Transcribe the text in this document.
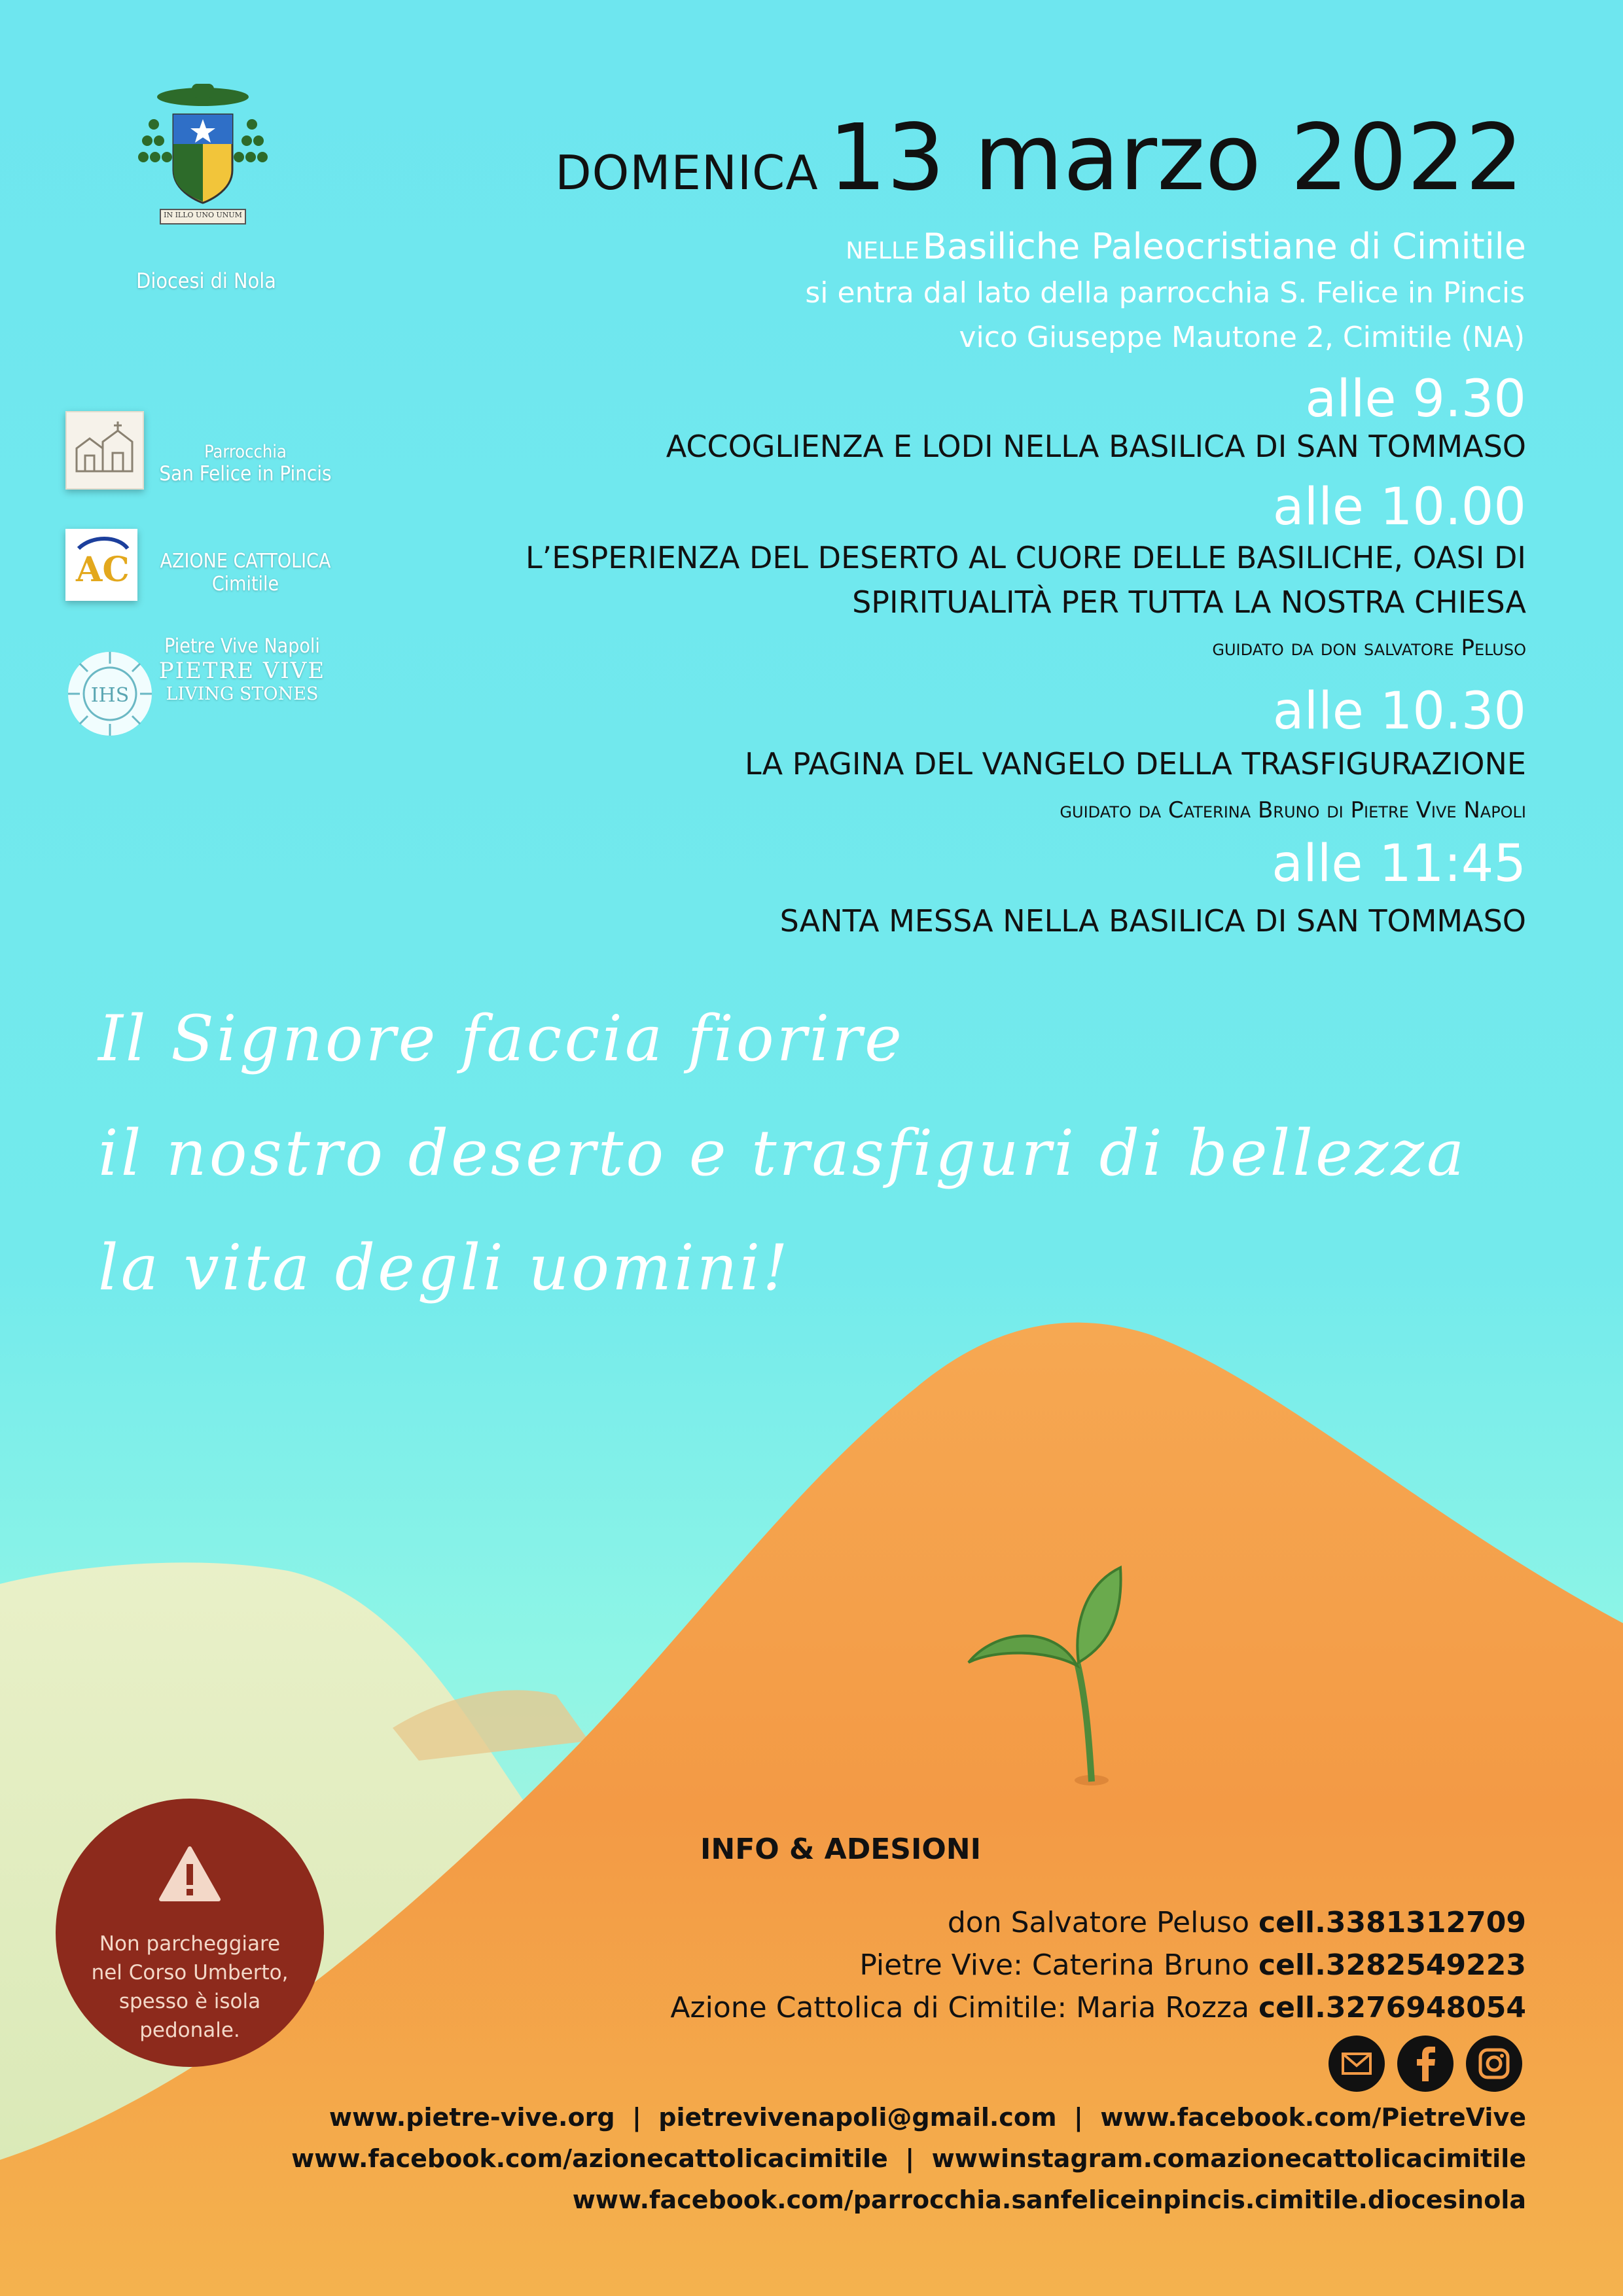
IN ILLO UNO UNUM
Diocesi di Nola
Parrocchia
San Felice in Pincis
AC	AZIONE CATTOLICA
Cimitile
IHS
Pietre Vive Napoli
PIETRE VIVE
LIVING STONES
DOMENICA 13 marzo 2022
NELLE Basiliche Paleocristiane di Cimitile
si entra dal lato della parrocchia S. Felice in Pincis
vico Giuseppe Mautone 2, Cimitile (NA)
alle 9.30
ACCOGLIENZA E LODI NELLA BASILICA DI SAN TOMMASO
alle 10.00
L’ESPERIENZA DEL DESERTO AL CUORE DELLE BASILICHE, OASI DI
SPIRITUALITÀ PER TUTTA LA NOSTRA CHIESA
guidato da don salvatore Peluso
alle 10.30
LA PAGINA DEL VANGELO DELLA TRASFIGURAZIONE
guidato da Caterina Bruno di Pietre Vive Napoli
alle 11:45
SANTA MESSA NELLA BASILICA DI SAN TOMMASO
Il Signore faccia fiorire
il nostro deserto e trasfiguri di bellezza
la vita degli uomini!
INFO & ADESIONI
don Salvatore Peluso cell.3381312709
Pietre Vive: Caterina Bruno cell.3282549223
Azione Cattolica di Cimitile: Maria Rozza cell.3276948054
www.pietre-vive.org  |  pietrevivenapoli@gmail.com  |  www.facebook.com/PietreVive
www.facebook.com/azionecattolicacimitile  |  wwwinstagram.comazionecattolicacimitile
www.facebook.com/parrocchia.sanfeliceinpincis.cimitile.diocesinola
Non parcheggiare nel Corso Umberto, spesso è isola pedonale.
